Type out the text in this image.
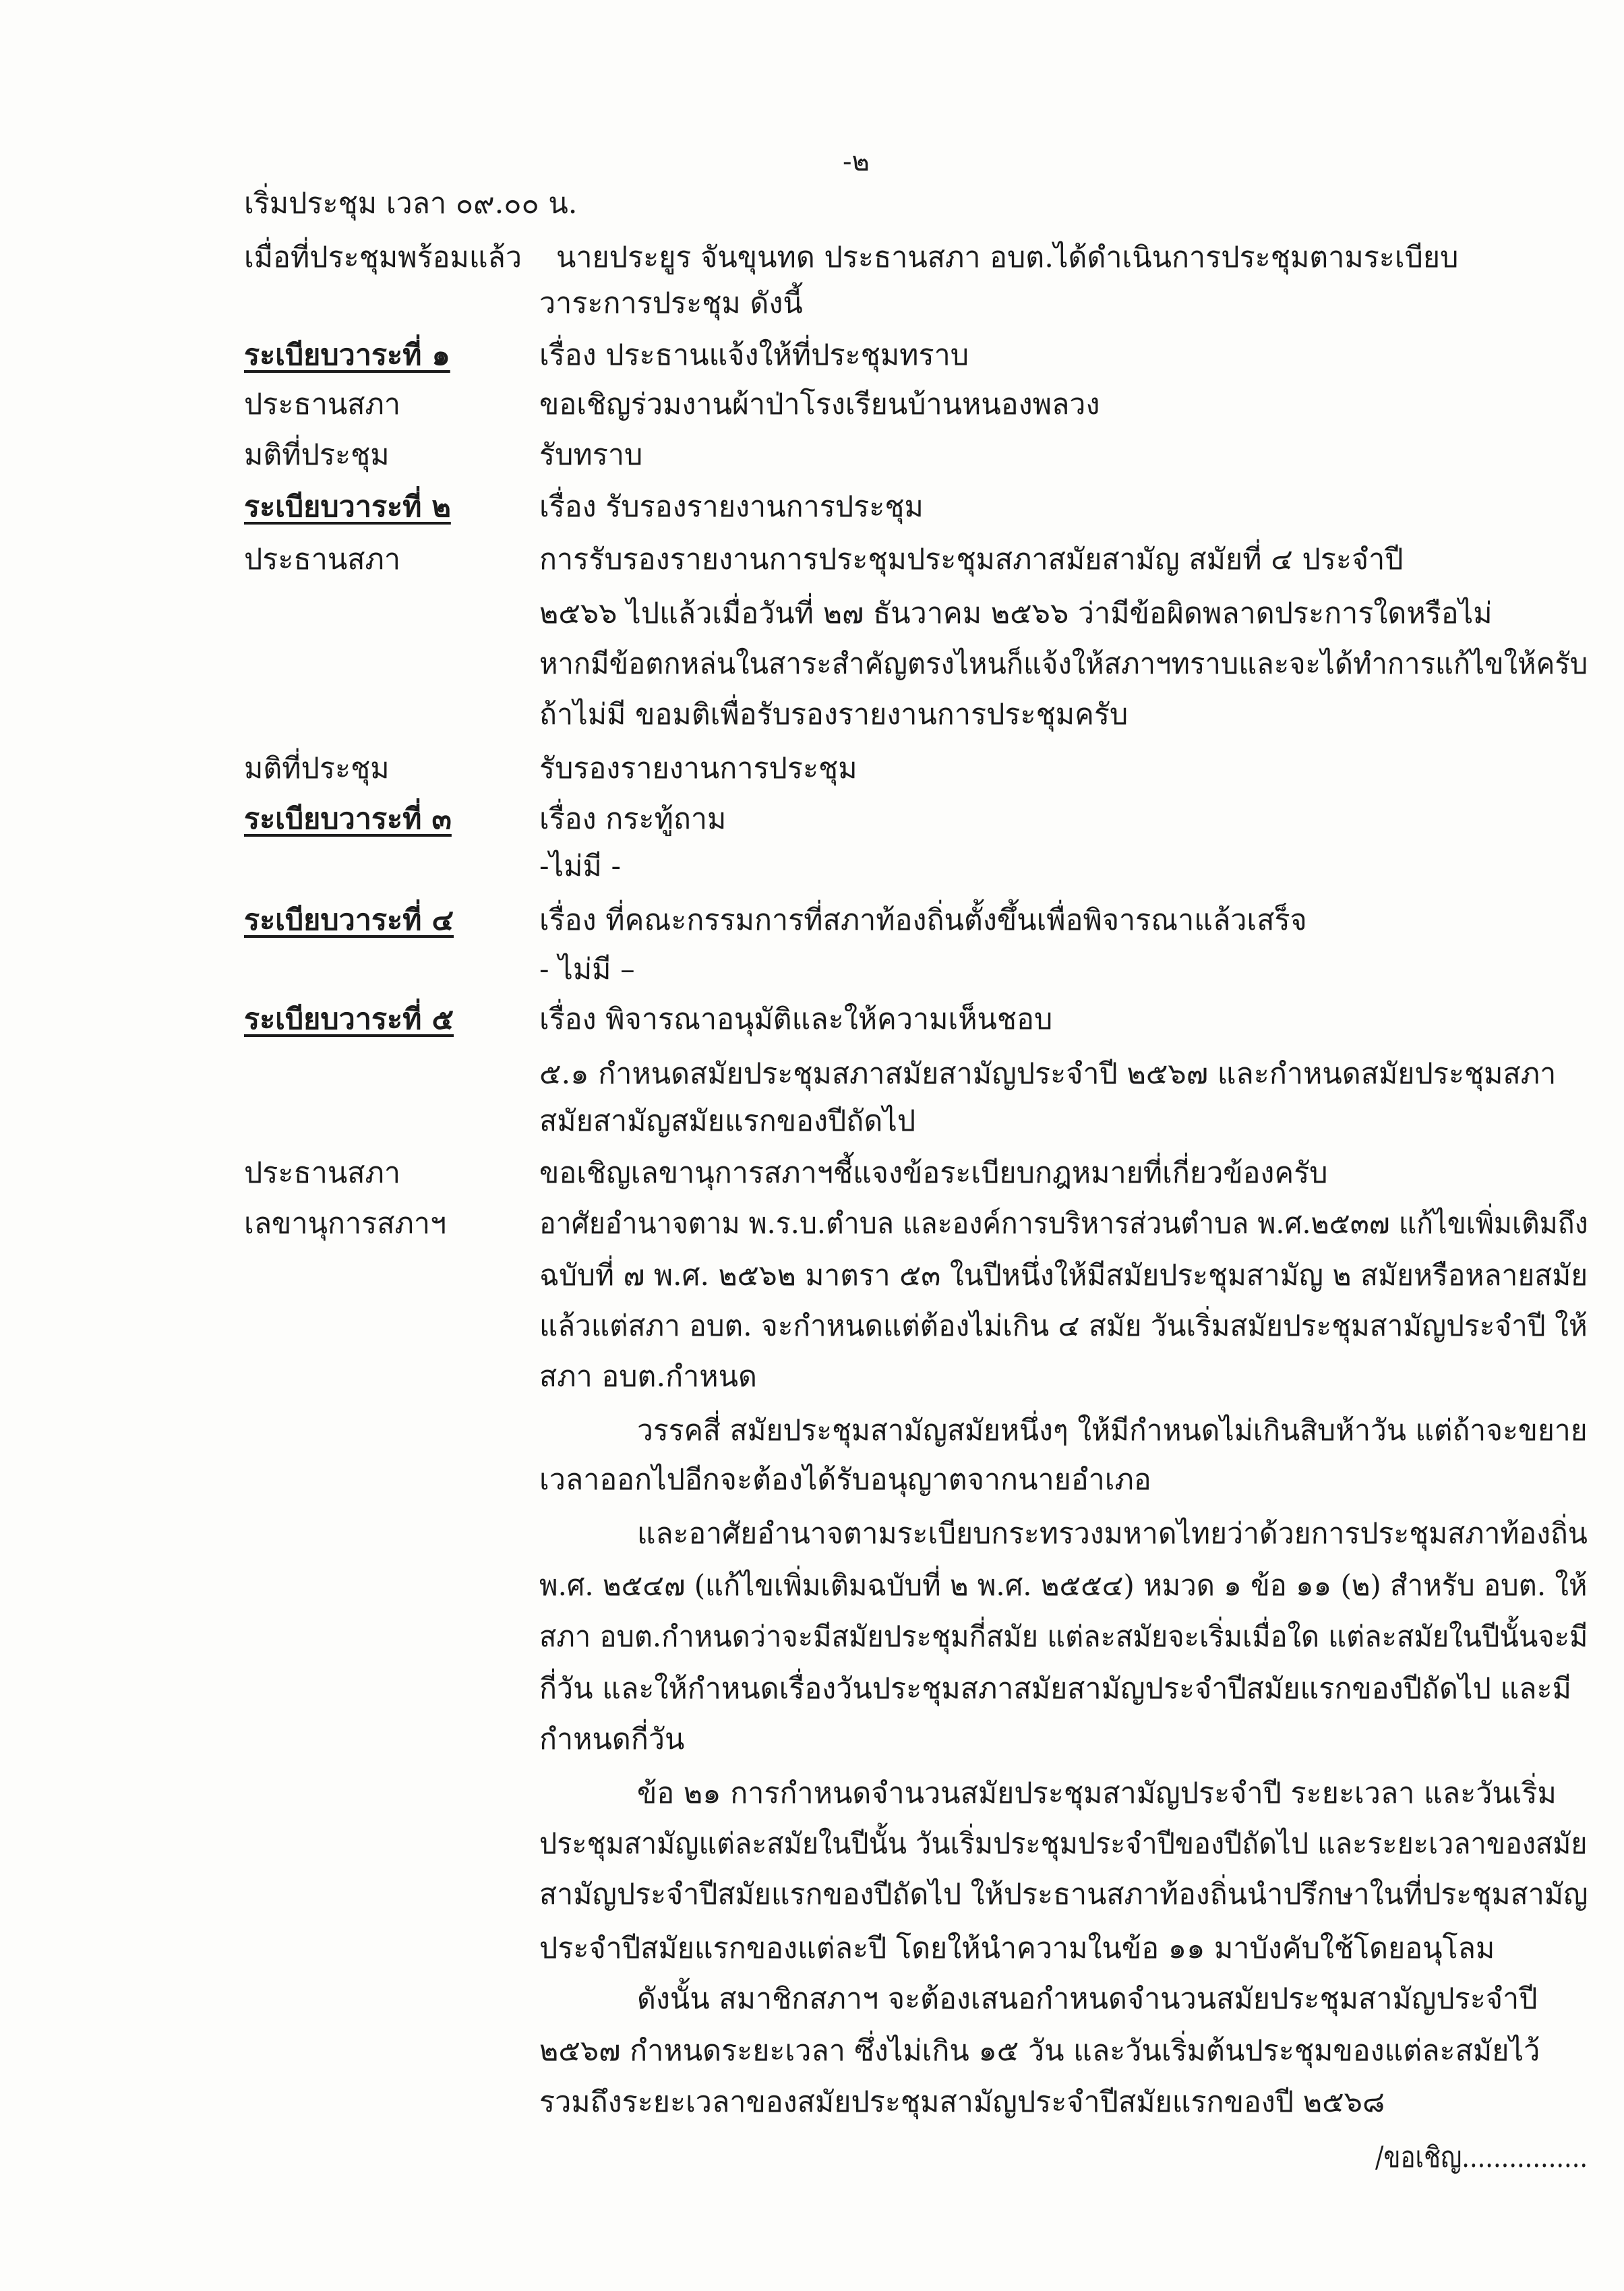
-๒

เริ่มประชุม เวลา ๐๙.๐๐ น.

เมื่อที่ประชุมพร้อมแล้ว นายประยูร จันขุนทด ประธานสภา อบต.ได้ดำเนินการประชุมตามระเบียบ

วาระการประชุม ดังนี้

ระเบียบวาระที่ ๑	เรื่อง ประธานแจ้งให้ที่ประชุมทราบ

ประธานสภา	ขอเชิญร่วมงานผ้าป่าโรงเรียนบ้านหนองพลวง

มติที่ประชุม	รับทราบ

ระเบียบวาระที่ ๒	เรื่อง รับรองรายงานการประชุม

ประธานสภา	การรับรองรายงานการประชุมประชุมสภาสมัยสามัญ สมัยที่ ๔ ประจำปี

๒๕๖๖ ไปแล้วเมื่อวันที่ ๒๗ ธันวาคม ๒๕๖๖ ว่ามีข้อผิดพลาดประการใดหรือไม่

หากมีข้อตกหล่นในสาระสำคัญตรงไหนก็แจ้งให้สภาฯทราบและจะได้ทำการแก้ไขให้ครับ

ถ้าไม่มี ขอมติเพื่อรับรองรายงานการประชุมครับ

มติที่ประชุม	รับรองรายงานการประชุม

ระเบียบวาระที่ ๓	เรื่อง กระทู้ถาม

-ไม่มี -

ระเบียบวาระที่ ๔	เรื่อง ที่คณะกรรมการที่สภาท้องถิ่นตั้งขึ้นเพื่อพิจารณาแล้วเสร็จ

- ไม่มี –

ระเบียบวาระที่ ๕	เรื่อง พิจารณาอนุมัติและให้ความเห็นชอบ

๕.๑ กำหนดสมัยประชุมสภาสมัยสามัญประจำปี ๒๕๖๗ และกำหนดสมัยประชุมสภา

สมัยสามัญสมัยแรกของปีถัดไป

ประธานสภา	ขอเชิญเลขานุการสภาฯชี้แจงข้อระเบียบกฎหมายที่เกี่ยวข้องครับ

เลขานุการสภาฯ	อาศัยอำนาจตาม พ.ร.บ.ตำบล และองค์การบริหารส่วนตำบล พ.ศ.๒๕๓๗ แก้ไขเพิ่มเติมถึง

ฉบับที่ ๗ พ.ศ. ๒๕๖๒ มาตรา ๕๓ ในปีหนึ่งให้มีสมัยประชุมสามัญ ๒ สมัยหรือหลายสมัย

แล้วแต่สภา อบต. จะกำหนดแต่ต้องไม่เกิน ๔ สมัย วันเริ่มสมัยประชุมสามัญประจำปี ให้

สภา อบต.กำหนด

วรรคสี่ สมัยประชุมสามัญสมัยหนึ่งๆ ให้มีกำหนดไม่เกินสิบห้าวัน แต่ถ้าจะขยาย

เวลาออกไปอีกจะต้องได้รับอนุญาตจากนายอำเภอ

และอาศัยอำนาจตามระเบียบกระทรวงมหาดไทยว่าด้วยการประชุมสภาท้องถิ่น

พ.ศ. ๒๕๔๗ (แก้ไขเพิ่มเติมฉบับที่ ๒ พ.ศ. ๒๕๕๔) หมวด ๑ ข้อ ๑๑ (๒) สำหรับ อบต. ให้

สภา อบต.กำหนดว่าจะมีสมัยประชุมกี่สมัย แต่ละสมัยจะเริ่มเมื่อใด แต่ละสมัยในปีนั้นจะมี

กี่วัน และให้กำหนดเรื่องวันประชุมสภาสมัยสามัญประจำปีสมัยแรกของปีถัดไป และมี

กำหนดกี่วัน

ข้อ ๒๑ การกำหนดจำนวนสมัยประชุมสามัญประจำปี ระยะเวลา และวันเริ่ม

ประชุมสามัญแต่ละสมัยในปีนั้น วันเริ่มประชุมประจำปีของปีถัดไป และระยะเวลาของสมัย

สามัญประจำปีสมัยแรกของปีถัดไป ให้ประธานสภาท้องถิ่นนำปรึกษาในที่ประชุมสามัญ

ประจำปีสมัยแรกของแต่ละปี โดยให้นำความในข้อ ๑๑ มาบังคับใช้โดยอนุโลม

ดังนั้น สมาชิกสภาฯ จะต้องเสนอกำหนดจำนวนสมัยประชุมสามัญประจำปี

๒๕๖๗ กำหนดระยะเวลา ซึ่งไม่เกิน ๑๕ วัน และวันเริ่มต้นประชุมของแต่ละสมัยไว้

รวมถึงระยะเวลาของสมัยประชุมสามัญประจำปีสมัยแรกของปี ๒๕๖๘

/ขอเชิญ................
